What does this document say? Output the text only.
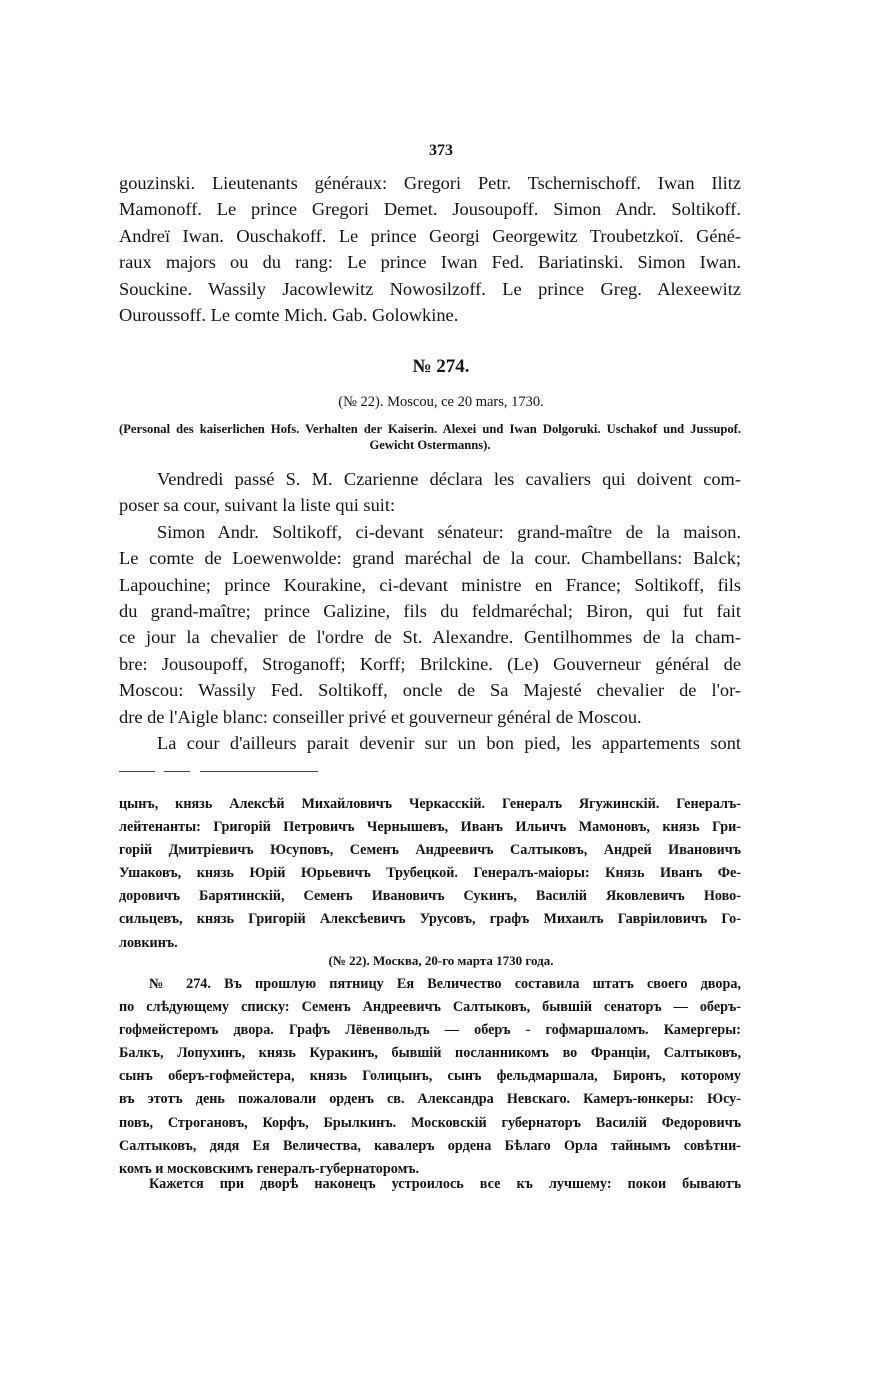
373
gouzinski. Lieutenants généraux: Gregori Petr. Tschernischoff. Iwan Ilitz
Mamonoff. Le prince Gregori Demet. Jousoupoff. Simon Andr. Soltikoff.
Andreï Iwan. Ouschakoff. Le prince Georgi Georgewitz Troubetzkoï. Géné-
raux majors ou du rang: Le prince Iwan Fed. Bariatinski. Simon Iwan.
Souckine. Wassily Jacowlewitz Nowosilzoff. Le prince Greg. Alexeewitz
Ouroussoff. Le comte Mich. Gab. Golowkine.
№ 274.
(№ 22). Moscou, ce 20 mars, 1730.
(Personal des kaiserlichen Hofs. Verhalten der Kaiserin. Alexei und Iwan Dolgoruki. Uschakof und Jussupof. Gewicht Ostermanns).

Vendredi passé S. M. Czarienne déclara les cavaliers qui doivent com-
poser sa cour, suivant la liste qui suit:

Simon Andr. Soltikoff, ci-devant sénateur: grand-maître de la maison.
Le comte de Loewenwolde: grand maréchal de la cour. Chambellans: Balck;
Lapouchine; prince Kourakine, ci-devant ministre en France; Soltikoff, fils
du grand-maître; prince Galizine, fils du feldmaréchal; Biron, qui fut fait
ce jour la chevalier de l'ordre de St. Alexandre. Gentilhommes de la cham-
bre: Jousoupoff, Stroganoff; Korff; Brilckine. (Le) Gouverneur général de
Moscou: Wassily Fed. Soltikoff, oncle de Sa Majesté chevalier de l'or-
dre de l'Aigle blanc: conseiller privé et gouverneur général de Moscou.

La cour d'ailleurs parait devenir sur un bon pied, les appartements sont

цынъ, князь Алексѣй Михайловичъ Черкасскій. Генералъ Ягужинскій. Генералъ-
лейтенанты: Григорій Петровичъ Чернышевъ, Иванъ Ильичъ Мамоновъ, князь Гри-
горій Дмитріевичъ Юсуповъ, Семенъ Андреевичъ Салтыковъ, Андрей Ивановичъ
Ушаковъ, князь Юрій Юрьевичъ Трубецкой. Генералъ-маіоры: Князь Иванъ Фе-
доровичъ Барятинскій, Семенъ Ивановичъ Сукинъ, Василій Яковлевичъ Ново-
сильцевъ, князь Григорій Алексѣевичъ Урусовъ, графъ Михаилъ Гавріиловичъ Го-
ловкинъ.
(№ 22). Москва, 20-го марта 1730 года.
№ 274. Въ прошлую пятницу Ея Величество составила штатъ своего двора,
по слѣдующему списку: Семенъ Андреевичъ Салтыковъ, бывшій сенаторъ — оберъ-
гофмейстеромъ двора. Графъ Лёвенвольдъ — оберъ - гофмаршаломъ. Камергеры:
Балкъ, Лопухинъ, князь Куракинъ, бывшій посланникомъ во Франціи, Салтыковъ,
сынъ оберъ-гофмейстера, князь Голицынъ, сынъ фельдмаршала, Биронъ, которому
въ этотъ день пожаловали орденъ св. Александра Невскаго. Камеръ-юнкеры: Юсу-
повъ, Строгановъ, Корфъ, Брылкинъ. Московскій губернаторъ Василій Федоровичъ
Салтыковъ, дядя Ея Величества, кавалеръ ордена Бѣлаго Орла тайнымъ совѣтни-
комъ и московскимъ генералъ-губернаторомъ.
Кажется при дворѣ наконецъ устроилось все къ лучшему: покои бываютъ
